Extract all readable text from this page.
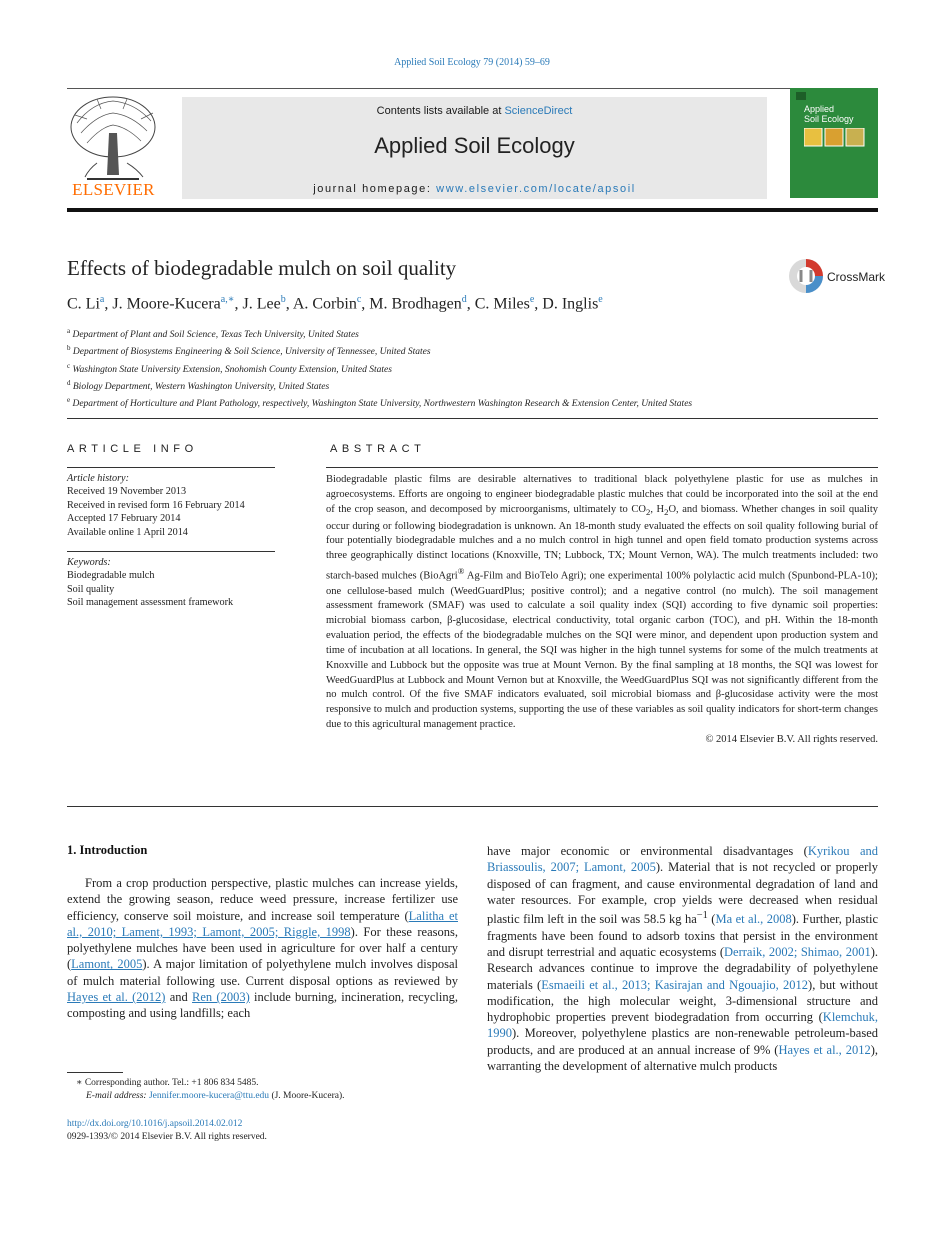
Applied Soil Ecology 79 (2014) 59–69
ELSEVIER
Contents lists available at ScienceDirect
Applied Soil Ecology
journal homepage: www.elsevier.com/locate/apsoil
Applied
Soil Ecology
Effects of biodegradable mulch on soil quality	CrossMark
C. Li$^a$, J. Moore-Kucera$^{a,∗}$, J. Lee$^b$, A. Corbin$^c$, M. Brodhagen$^d$, C. Miles$^e$, D. Inglis$^e$
$^a$ Department of Plant and Soil Science, Texas Tech University, United States
$^b$ Department of Biosystems Engineering & Soil Science, University of Tennessee, United States
$^c$ Washington State University Extension, Snohomish County Extension, United States
$^d$ Biology Department, Western Washington University, United States
$^e$ Department of Horticulture and Plant Pathology, respectively, Washington State University, Northwestern Washington Research & Extension Center, United States
ARTICLE INFO
Article history:
Received 19 November 2013
Received in revised form 16 February 2014
Accepted 17 February 2014
Available online 1 April 2014
Keywords:
Biodegradable mulch
Soil quality
Soil management assessment framework
ABSTRACT
Biodegradable plastic films are desirable alternatives to traditional black polyethylene plastic for use as mulches in agroecosystems. Efforts are ongoing to engineer biodegradable plastic mulches that could be incorporated into the soil at the end of the crop season, and decomposed by microorganisms, ultimately to $CO_2$, $H_2O$, and biomass. Whether changes in soil quality occur during or following biodegradation is unknown. An 18-month study evaluated the effects on soil quality following burial of four potentially biodegradable mulches and a no mulch control in high tunnel and open field tomato production systems across three geographically distinct locations (Knoxville, TN; Lubbock, TX; Mount Vernon, WA). The mulch treatments included: two starch-based mulches (BioAgri® Ag-Film and BioTelo Agri); one experimental 100% polylactic acid mulch (Spunbond-PLA-10); one cellulose-based mulch (WeedGuardPlus; positive control); and a negative control (no mulch). The soil management assessment framework (SMAF) was used to calculate a soil quality index (SQI) according to five dynamic soil properties: microbial biomass carbon, β-glucosidase, electrical conductivity, total organic carbon (TOC), and pH. Within the 18-month evaluation period, the effects of the biodegradable mulches on the SQI were minor, and dependent upon production system and time of incubation at all locations. In general, the SQI was higher in the high tunnel systems for some of the mulch treatments at Knoxville and Lubbock but the opposite was true at Mount Vernon. By the final sampling at 18 months, the SQI was lowest for WeedGuardPlus at Lubbock and Mount Vernon but at Knoxville, the WeedGuardPlus SQI was not significantly different from the no mulch control. Of the five SMAF indicators evaluated, soil microbial biomass and β-glucosidase activity were the most responsive to mulch and production systems, supporting the use of these variables as soil quality indicators for short-term changes due to this agricultural management practice.
© 2014 Elsevier B.V. All rights reserved.
1. Introduction

From a crop production perspective, plastic mulches can increase yields, extend the growing season, reduce weed pressure, increase fertilizer use efficiency, conserve soil moisture, and increase soil temperature (Lalitha et al., 2010; Lament, 1993; Lamont, 2005; Riggle, 1998). For these reasons, polyethylene mulches have been used in agriculture for over half a century (Lamont, 2005). A major limitation of polyethylene mulch involves disposal of mulch material following use. Current disposal options as reviewed by Hayes et al. (2012) and Ren (2003) include burning, incineration, recycling, composting and using landfills; each

have major economic or environmental disadvantages (Kyrikou and Briassoulis, 2007; Lamont, 2005). Material that is not recycled or properly disposed of can fragment, and cause environmental degradation of land and water resources. For example, crop yields were decreased when residual plastic film left in the soil was 58.5 kg $ha^{-1}$ (Ma et al., 2008). Further, plastic fragments have been found to adsorb toxins that persist in the environment and disrupt terrestrial and aquatic ecosystems (Derraik, 2002; Shimao, 2001). Research advances continue to improve the degradability of polyethylene materials (Esmaeili et al., 2013; Kasirajan and Ngouajio, 2012), but without modification, the high molecular weight, 3-dimensional structure and hydrophobic properties prevent biodegradation from occurring (Klemchuk, 1990). Moreover, polyethylene plastics are non-renewable petroleum-based products, and are produced at an annual increase of 9% (Hayes et al., 2012), warranting the development of alternative mulch products

∗ Corresponding author. Tel.: +1 806 834 5485.
E-mail address: Jennifer.moore-kucera@ttu.edu (J. Moore-Kucera).
http://dx.doi.org/10.1016/j.apsoil.2014.02.012
0929-1393/© 2014 Elsevier B.V. All rights reserved.
